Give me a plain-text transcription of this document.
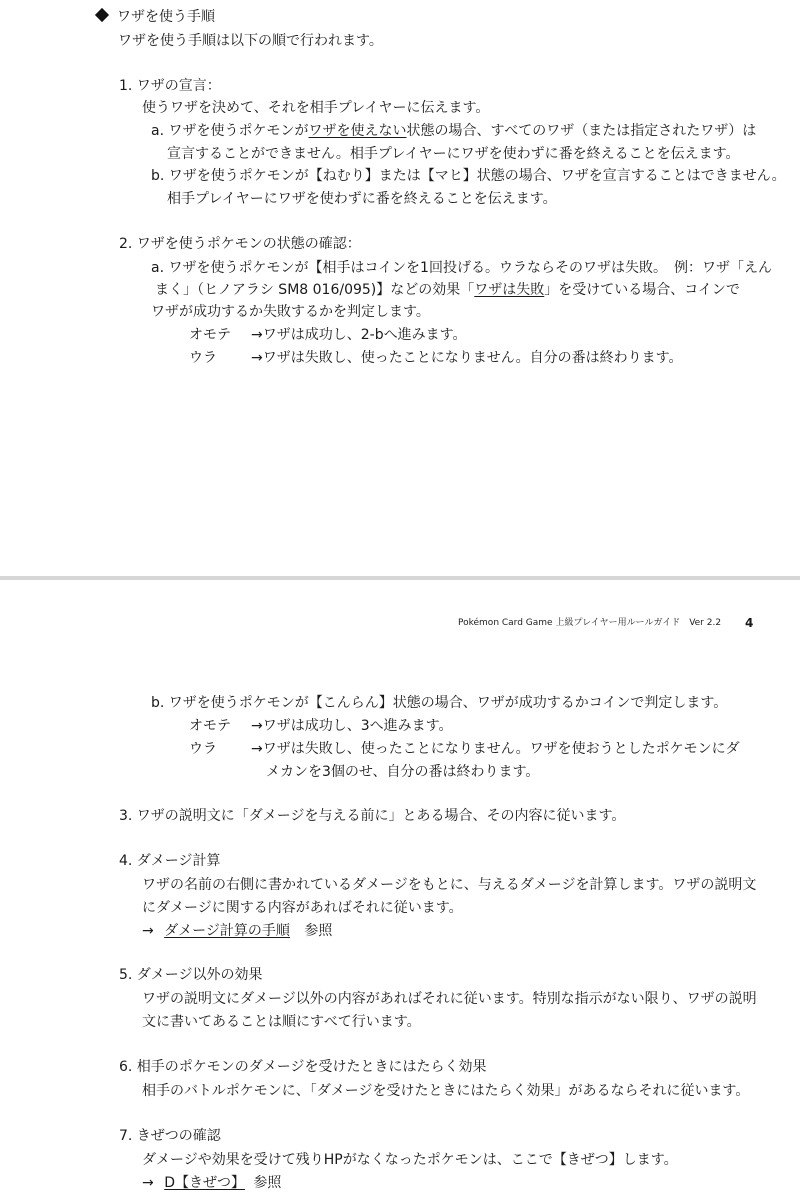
ワザを使う手順
ワザを使う手順は以下の順で行われます。
1. ワザの宣言：
使うワザを決めて、それを相手プレイヤーに伝えます。
a. ワザを使うポケモンがワザを使えない状態の場合、すべてのワザ（または指定されたワザ）は
宣言することができません。相手プレイヤーにワザを使わずに番を終えることを伝えます。
b. ワザを使うポケモンが【ねむり】または【マヒ】状態の場合、ワザを宣言することはできません。
相手プレイヤーにワザを使わずに番を終えることを伝えます。
2. ワザを使うポケモンの状態の確認：
a. ワザを使うポケモンが【相手はコインを1回投げる。ウラならそのワザは失敗。　例：ワザ「えん
まく」（ヒノアラシ SM8 016/095)】などの効果「ワザは失敗」を受けている場合、コインで
ワザが成功するか失敗するかを判定します。
オモテ →ワザは成功し、2-bへ進みます。
ウラ →ワザは失敗し、使ったことになりません。自分の番は終わります。
Pokémon Card Game 上級プレイヤー用ルールガイド　Ver 2.2 4
b. ワザを使うポケモンが【こんらん】状態の場合、ワザが成功するかコインで判定します。
オモテ →ワザは成功し、3へ進みます。
ウラ →ワザは失敗し、使ったことになりません。ワザを使おうとしたポケモンにダ
メカンを3個のせ、自分の番は終わります。
3. ワザの説明文に「ダメージを与える前に」とある場合、その内容に従います。
4. ダメージ計算
ワザの名前の右側に書かれているダメージをもとに、与えるダメージを計算します。ワザの説明文
にダメージに関する内容があればそれに従います。
→ ダメージ計算の手順 参照
5. ダメージ以外の効果
ワザの説明文にダメージ以外の内容があればそれに従います。特別な指示がない限り、ワザの説明
文に書いてあることは順にすべて行います。
6. 相手のポケモンのダメージを受けたときにはたらく効果
相手のバトルポケモンに、「ダメージを受けたときにはたらく効果」があるならそれに従います。
7. きぜつの確認
ダメージや効果を受けて残りHPがなくなったポケモンは、ここで【きぜつ】します。
→ D【きぜつ】 参照
